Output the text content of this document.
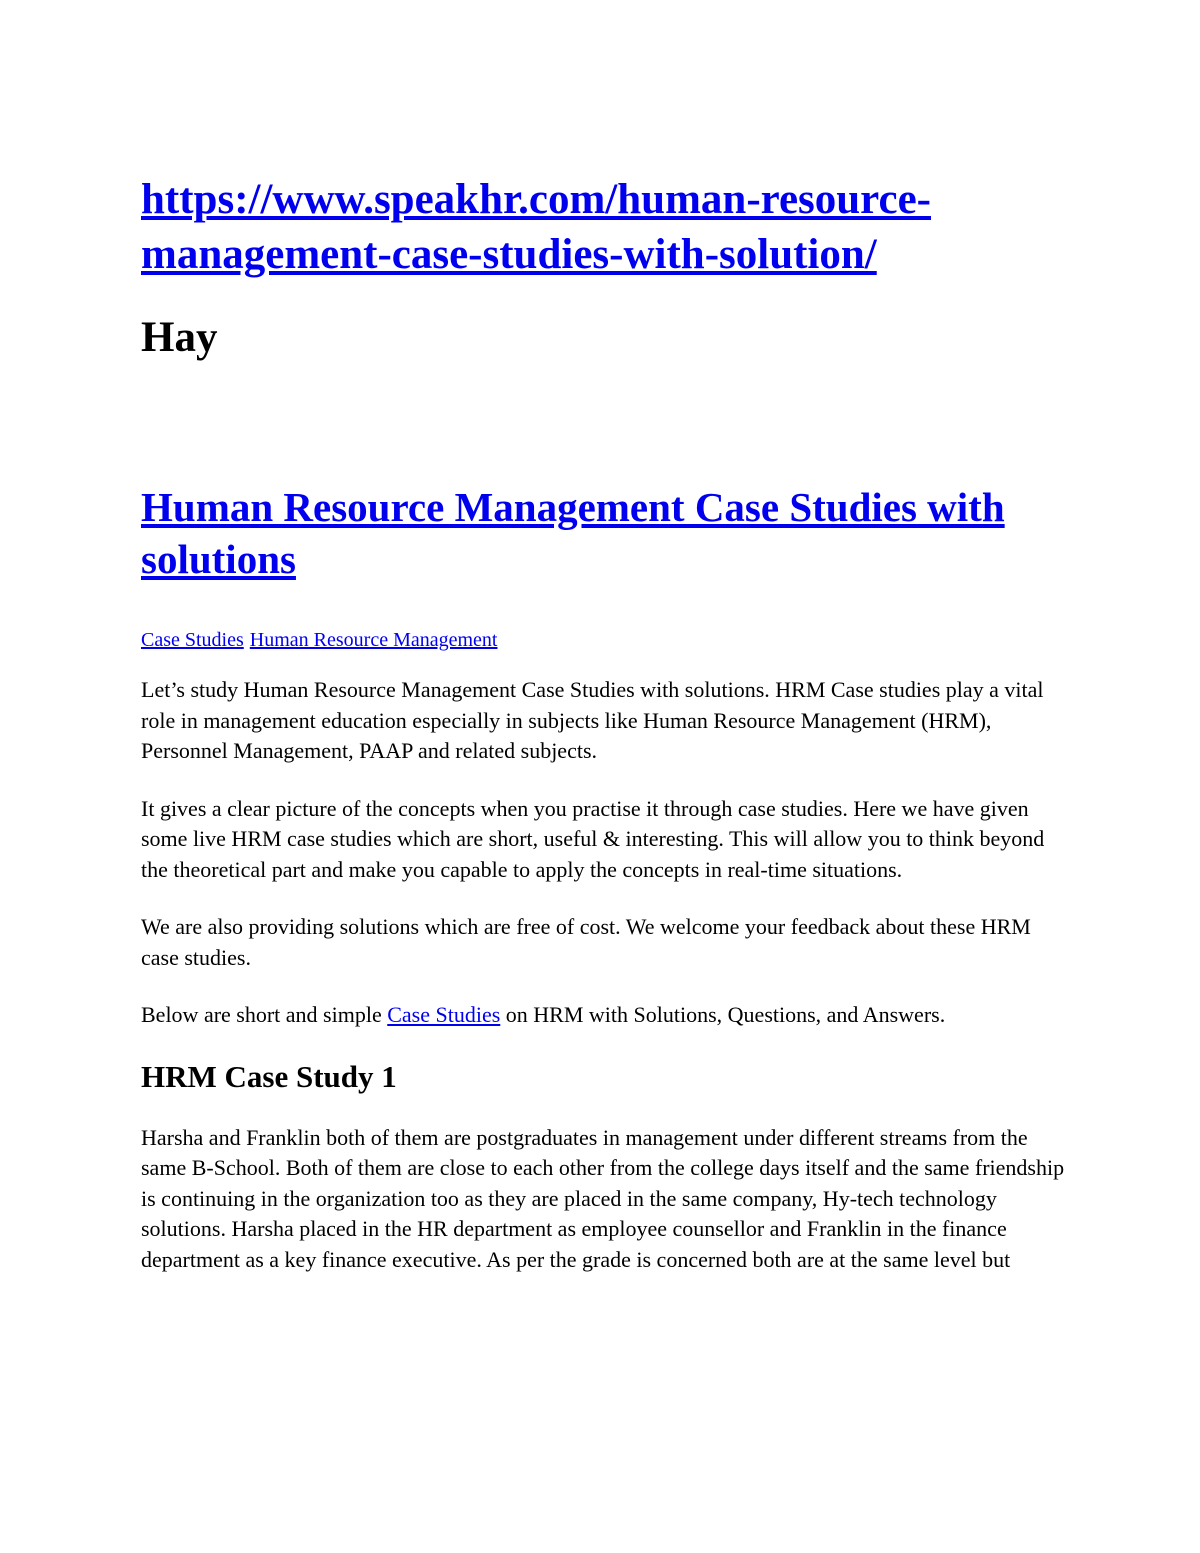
https://www.speakhr.com/human-resource-management-case-studies-with-solution/
Hay
Human Resource Management Case Studies with solutions
Case Studies Human Resource Management

Let’s study Human Resource Management Case Studies with solutions. HRM Case studies play a vital role in management education especially in subjects like Human Resource Management (HRM), Personnel Management, PAAP and related subjects.

It gives a clear picture of the concepts when you practise it through case studies. Here we have given some live HRM case studies which are short, useful & interesting. This will allow you to think beyond the theoretical part and make you capable to apply the concepts in real-time situations.

We are also providing solutions which are free of cost. We welcome your feedback about these HRM case studies.

Below are short and simple Case Studies on HRM with Solutions, Questions, and Answers.

HRM Case Study 1

Harsha and Franklin both of them are postgraduates in management under different streams from the same B-School. Both of them are close to each other from the college days itself and the same friendship is continuing in the organization too as they are placed in the same company, Hy-tech technology solutions. Harsha placed in the HR department as employee counsellor and Franklin in the finance department as a key finance executive. As per the grade is concerned both are at the same level but
